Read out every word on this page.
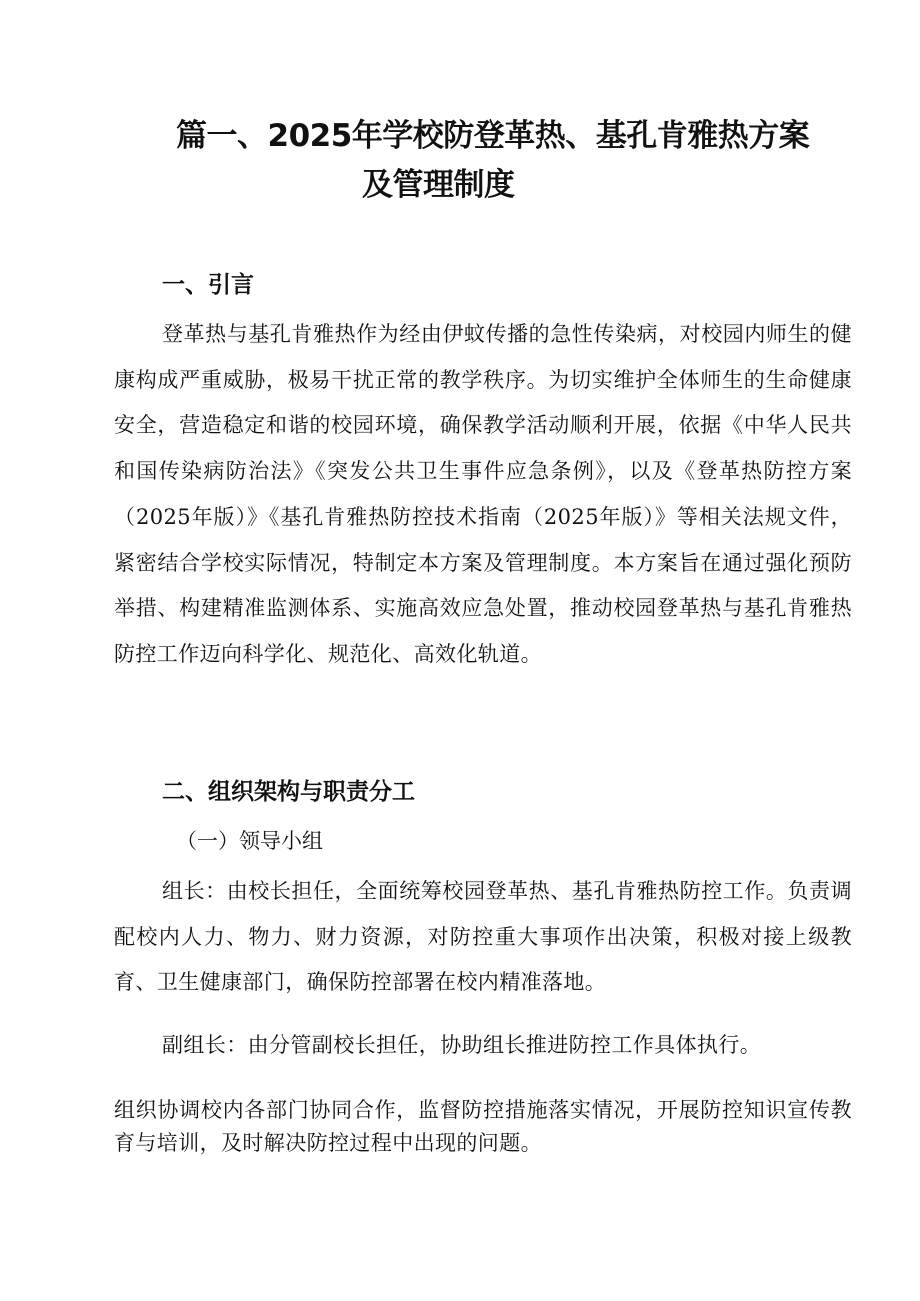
篇一、2025年学校防登革热、基孔肯雅热方案
及管理制度
一、引言
登革热与基孔肯雅热作为经由伊蚊传播的急性传染病，对校园内师生的健康构成严重威胁，极易干扰正常的教学秩序。为切实维护全体师生的生命健康安全，营造稳定和谐的校园环境，确保教学活动顺利开展，依据《中华人民共和国传染病防治法》《突发公共卫生事件应急条例》，以及《登革热防控方案（2025年版）》《基孔肯雅热防控技术指南（2025年版）》等相关法规文件，紧密结合学校实际情况，特制定本方案及管理制度。本方案旨在通过强化预防举措、构建精准监测体系、实施高效应急处置，推动校园登革热与基孔肯雅热防控工作迈向科学化、规范化、高效化轨道。
二、组织架构与职责分工
（一）领导小组
组长：由校长担任，全面统筹校园登革热、基孔肯雅热防控工作。负责调配校内人力、物力、财力资源，对防控重大事项作出决策，积极对接上级教育、卫生健康部门，确保防控部署在校内精准落地。
副组长：由分管副校长担任，协助组长推进防控工作具体执行。
组织协调校内各部门协同合作，监督防控措施落实情况，开展防控知识宣传教育与培训，及时解决防控过程中出现的问题。
